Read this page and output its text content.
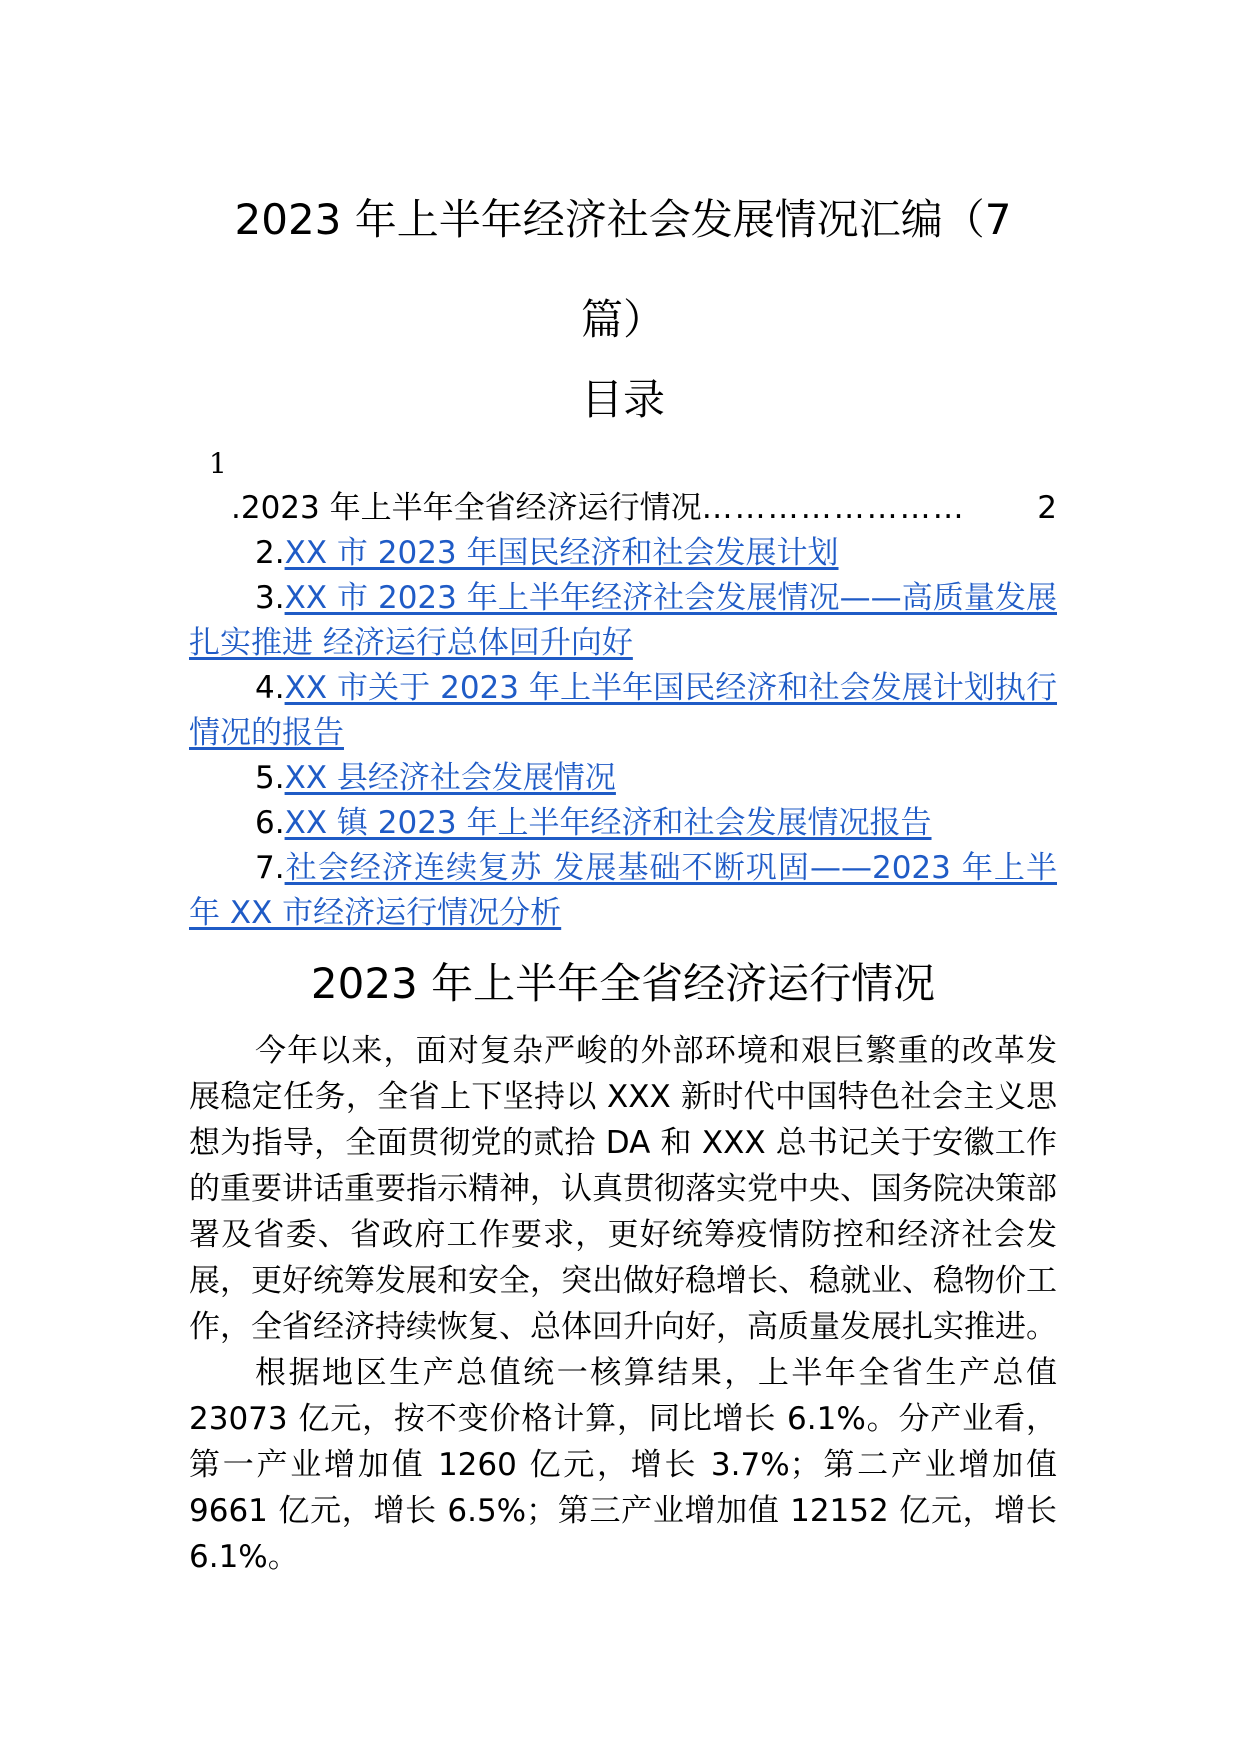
2023 年上半年经济社会发展情况汇编（7
篇）
目录
1
. 2023 年上半年全省经济运行情况 ……………………	2
2.XX 市 2023 年国民经济和社会发展计划
3.XX 市 2023 年上半年经济社会发展情况——高质量发展扎实推进 经济运行总体回升向好
4.XX 市关于 2023 年上半年国民经济和社会发展计划执行情况的报告
5.XX 县经济社会发展情况
6.XX 镇 2023 年上半年经济和社会发展情况报告
7.社会经济连续复苏 发展基础不断巩固——2023 年上半年 XX 市经济运行情况分析
2023 年上半年全省经济运行情况

今年以来，面对复杂严峻的外部环境和艰巨繁重的改革发展稳定任务，全省上下坚持以 XXX 新时代中国特色社会主义思想为指导，全面贯彻党的贰拾 DA 和 XXX 总书记关于安徽工作的重要讲话重要指示精神，认真贯彻落实党中央、国务院决策部署及省委、省政府工作要求，更好统筹疫情防控和经济社会发展，更好统筹发展和安全，突出做好稳增长、稳就业、稳物价工作，全省经济持续恢复、总体回升向好，高质量发展扎实推进。

根据地区生产总值统一核算结果，上半年全省生产总值 23073 亿元，按不变价格计算，同比增长 6.1%。分产业看，第一产业增加值 1260 亿元，增长 3.7%；第二产业增加值 9661 亿元，增长 6.5%；第三产业增加值 12152 亿元，增长 6.1%。
